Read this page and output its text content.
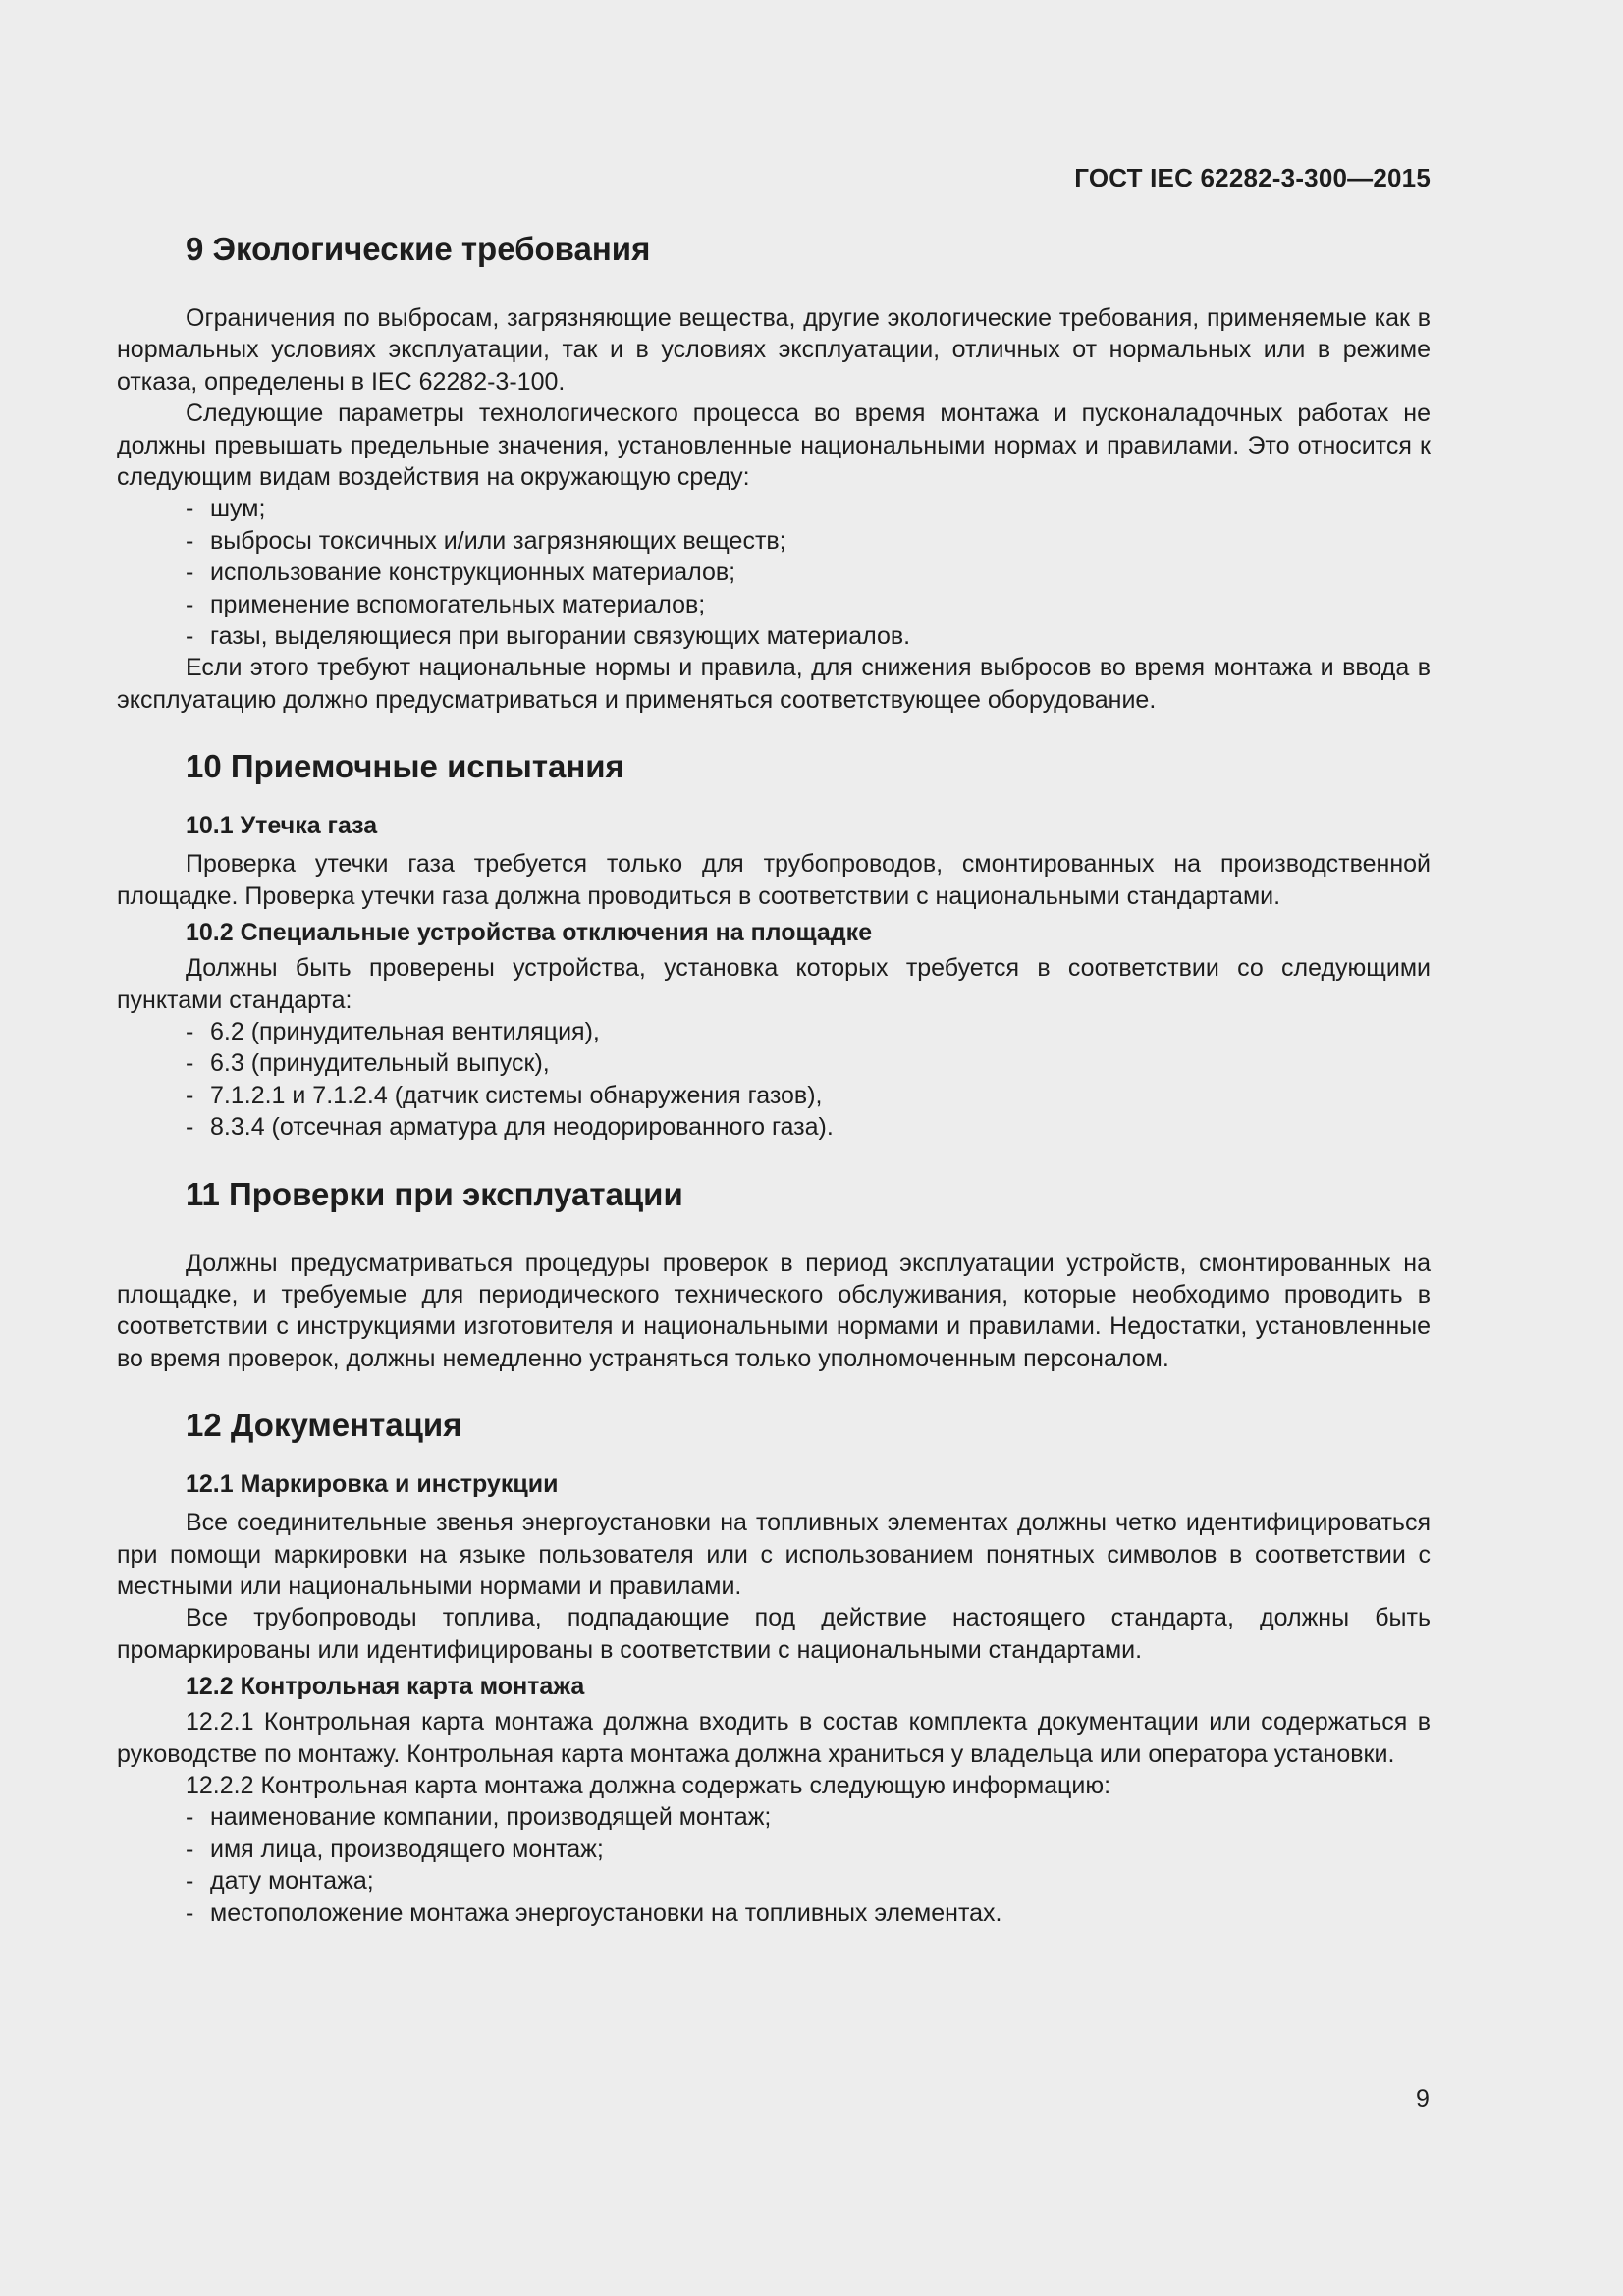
ГОСТ IEC 62282-3-300—2015
9 Экологические требования

Ограничения по выбросам, загрязняющие вещества, другие экологические требования, применяемые как в нормальных условиях эксплуатации, так и в условиях эксплуатации, отличных от нормальных или в режиме отказа, определены в IEC 62282-3-100.

Следующие параметры технологического процесса во время монтажа и пусконаладочных работах не должны превышать предельные значения, установленные национальными нормах и правилами. Это относится к следующим видам воздействия на окружающую среду:

- шум;
- выбросы токсичных и/или загрязняющих веществ;
- использование конструкционных материалов;
- применение вспомогательных материалов;
- газы, выделяющиеся при выгорании связующих материалов.

Если этого требуют национальные нормы и правила, для снижения выбросов во время монтажа и ввода в эксплуатацию должно предусматриваться и применяться соответствующее оборудование.

10 Приемочные испытания
10.1 Утечка газа

Проверка утечки газа требуется только для трубопроводов, смонтированных на производственной площадке. Проверка утечки газа должна проводиться в соответствии с национальными стандартами.

10.2 Специальные устройства отключения на площадке

Должны быть проверены устройства, установка которых требуется в соответствии со следующими пунктами стандарта:

- 6.2 (принудительная вентиляция),
- 6.3 (принудительный выпуск),
- 7.1.2.1 и 7.1.2.4 (датчик системы обнаружения газов),
- 8.3.4 (отсечная арматура для неодорированного газа).
11 Проверки при эксплуатации

Должны предусматриваться процедуры проверок в период эксплуатации устройств, смонтированных на площадке, и требуемые для периодического технического обслуживания, которые необходимо проводить в соответствии с инструкциями изготовителя и национальными нормами и правилами. Недостатки, установленные во время проверок, должны немедленно устраняться только уполномоченным персоналом.

12 Документация
12.1 Маркировка и инструкции

Все соединительные звенья энергоустановки на топливных элементах должны четко идентифицироваться при помощи маркировки на языке пользователя или с использованием понятных символов в соответствии с местными или национальными нормами и правилами.

Все трубопроводы топлива, подпадающие под действие настоящего стандарта, должны быть промаркированы или идентифицированы в соответствии с национальными стандартами.

12.2 Контрольная карта монтажа

12.2.1 Контрольная карта монтажа должна входить в состав комплекта документации или содержаться в руководстве по монтажу. Контрольная карта монтажа должна храниться у владельца или оператора установки.

12.2.2 Контрольная карта монтажа должна содержать следующую информацию:

- наименование компании, производящей монтаж;
- имя лица, производящего монтаж;
- дату монтажа;
- местоположение монтажа энергоустановки на топливных элементах.
9
